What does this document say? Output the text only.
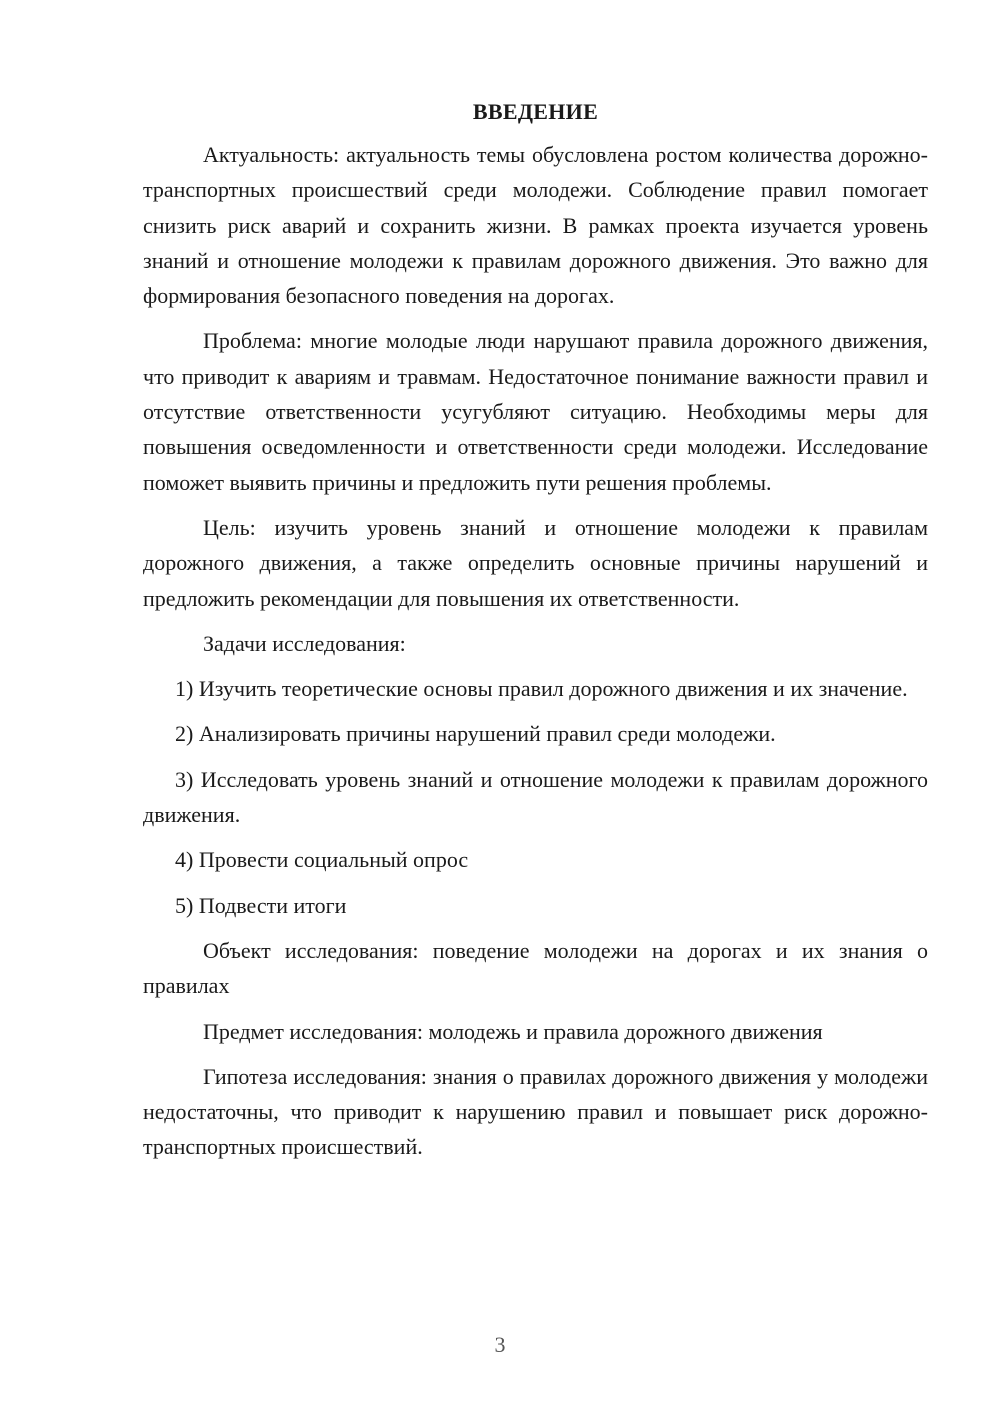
ВВЕДЕНИЕ

Актуальность: актуальность темы обусловлена ростом количества дорожно-транспортных происшествий среди молодежи. Соблюдение правил помогает снизить риск аварий и сохранить жизни. В рамках проекта изучается уровень знаний и отношение молодежи к правилам дорожного движения. Это важно для формирования безопасного поведения на дорогах.

Проблема: многие молодые люди нарушают правила дорожного движения, что приводит к авариям и травмам. Недостаточное понимание важности правил и отсутствие ответственности усугубляют ситуацию. Необходимы меры для повышения осведомленности и ответственности среди молодежи. Исследование поможет выявить причины и предложить пути решения проблемы.

Цель: изучить уровень знаний и отношение молодежи к правилам дорожного движения, а также определить основные причины нарушений и предложить рекомендации для повышения их ответственности.

Задачи исследования:

1) Изучить теоретические основы правил дорожного движения и их значение.

2) Анализировать причины нарушений правил среди молодежи.

3) Исследовать уровень знаний и отношение молодежи к правилам дорожного движения.

4) Провести социальный опрос

5) Подвести итоги

Объект исследования: поведение молодежи на дорогах и их знания о правилах

Предмет исследования: молодежь и правила дорожного движения

Гипотеза исследования: знания о правилах дорожного движения у молодежи недостаточны, что приводит к нарушению правил и повышает риск дорожно-транспортных происшествий.

3
